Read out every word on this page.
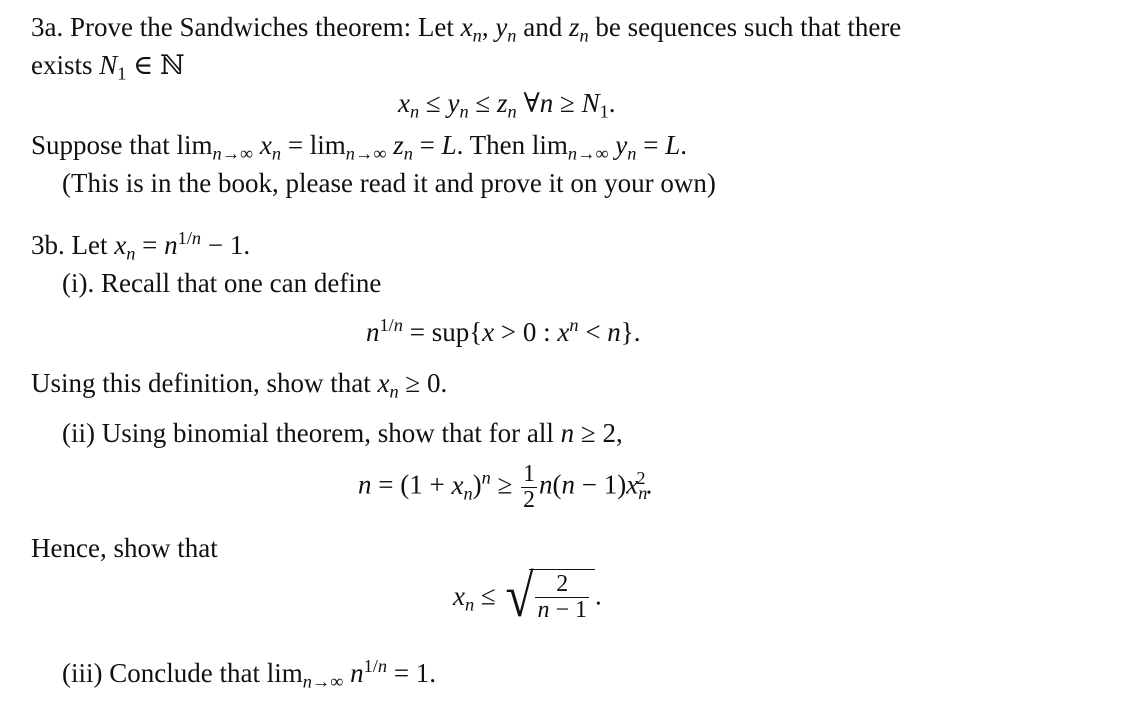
3a. Prove the Sandwiches theorem: Let $x_n$, $y_n$ and $z_n$ be sequences such that there
exists $N_1$ ∈ ℕ
$x_n \le y_n \le z_n$ ∀n ≥ $N_1$.
Suppose that $\lim_{n\to\infty} x_n = \lim_{n\to\infty} z_n = L$. Then $\lim_{n\to\infty} y_n = L$.
(This is in the book, please read it and prove it on your own)
3b. Let $x_n = n^{1/n} - 1$.
(i). Recall that one can define
$n^{1/n} = sup\{x > 0$ : $x^n < n$}.
Using this definition, show that $x_n \ge 0$.
(ii) Using binomial theorem, show that for all n ≥ 2,
$n = (1 + x_n)^n \ge \frac{1}{2} n(n - 1)x_n^2$.
Hence, show that
$x_n$ ≤ √ $\frac{2}{n - 1}$ .
(iii) Conclude that $\lim_{n\to\infty} n^{1/n} = 1$.
